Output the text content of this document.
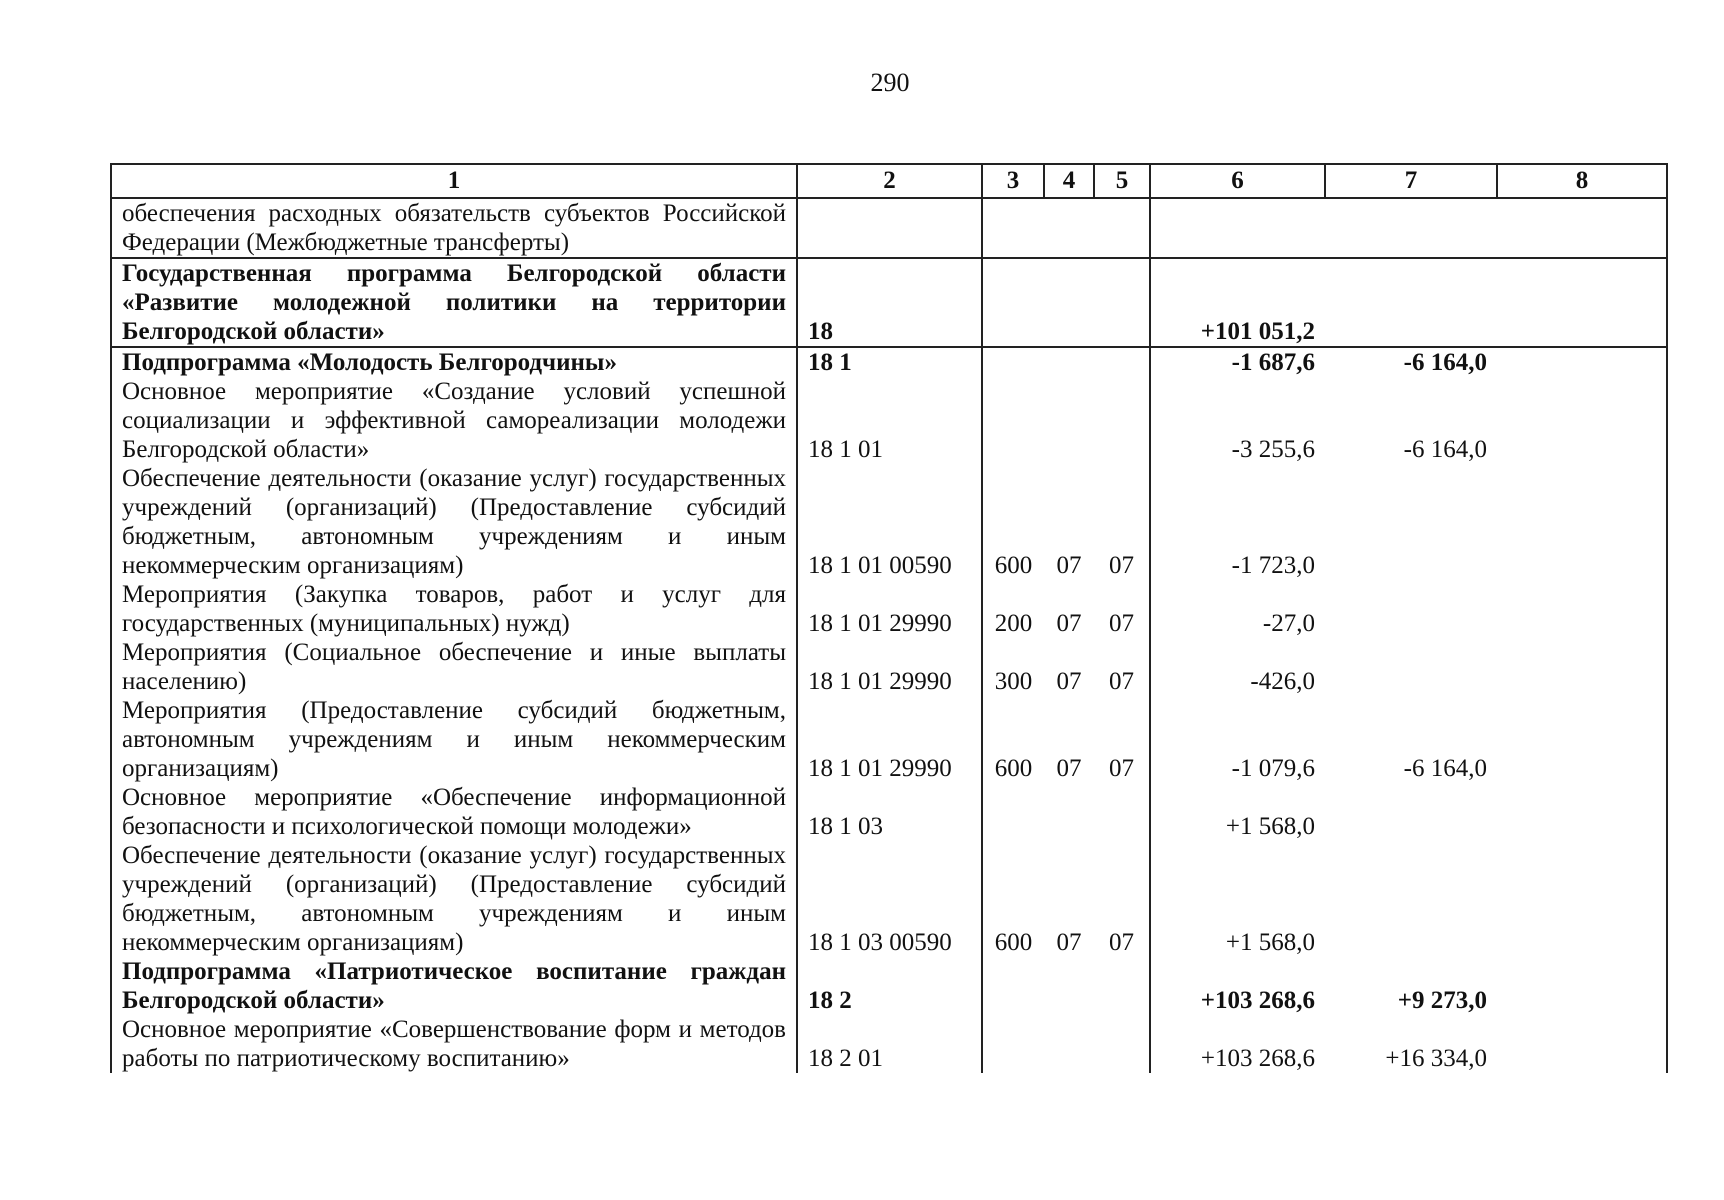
290
1	2	3	4	5	6	7	8
обеспечения расходных обязательств субъектов Российской Федерации (Межбюджетные трансферты)							
Государственная программа Белгородской области «Развитие молодежной политики на территории Белгородской области»	18				+101 051,2		
Подпрограмма «Молодость Белгородчины»	18 1				-1 687,6	-6 164,0	
Основное мероприятие «Создание условий успешной социализации и эффективной самореализации молодежи Белгородской области»	18 1 01				-3 255,6	-6 164,0	
Обеспечение деятельности (оказание услуг) государственных учреждений (организаций) (Предоставление субсидий бюджетным, автономным учреждениям и иным некоммерческим организациям)	18 1 01 00590	600	07	07	-1 723,0		
Мероприятия (Закупка товаров, работ и услуг для государственных (муниципальных) нужд)	18 1 01 29990	200	07	07	-27,0		
Мероприятия (Социальное обеспечение и иные выплаты населению)	18 1 01 29990	300	07	07	-426,0		
Мероприятия (Предоставление субсидий бюджетным, автономным учреждениям и иным некоммерческим организациям)	18 1 01 29990	600	07	07	-1 079,6	-6 164,0	
Основное мероприятие «Обеспечение информационной безопасности и психологической помощи молодежи»	18 1 03				+1 568,0		
Обеспечение деятельности (оказание услуг) государственных учреждений (организаций) (Предоставление субсидий бюджетным, автономным учреждениям и иным некоммерческим организациям)	18 1 03 00590	600	07	07	+1 568,0		
Подпрограмма «Патриотическое воспитание граждан Белгородской области»	18 2				+103 268,6	+9 273,0	
Основное мероприятие «Совершенствование форм и методов работы по патриотическому воспитанию»	18 2 01				+103 268,6	+16 334,0	
